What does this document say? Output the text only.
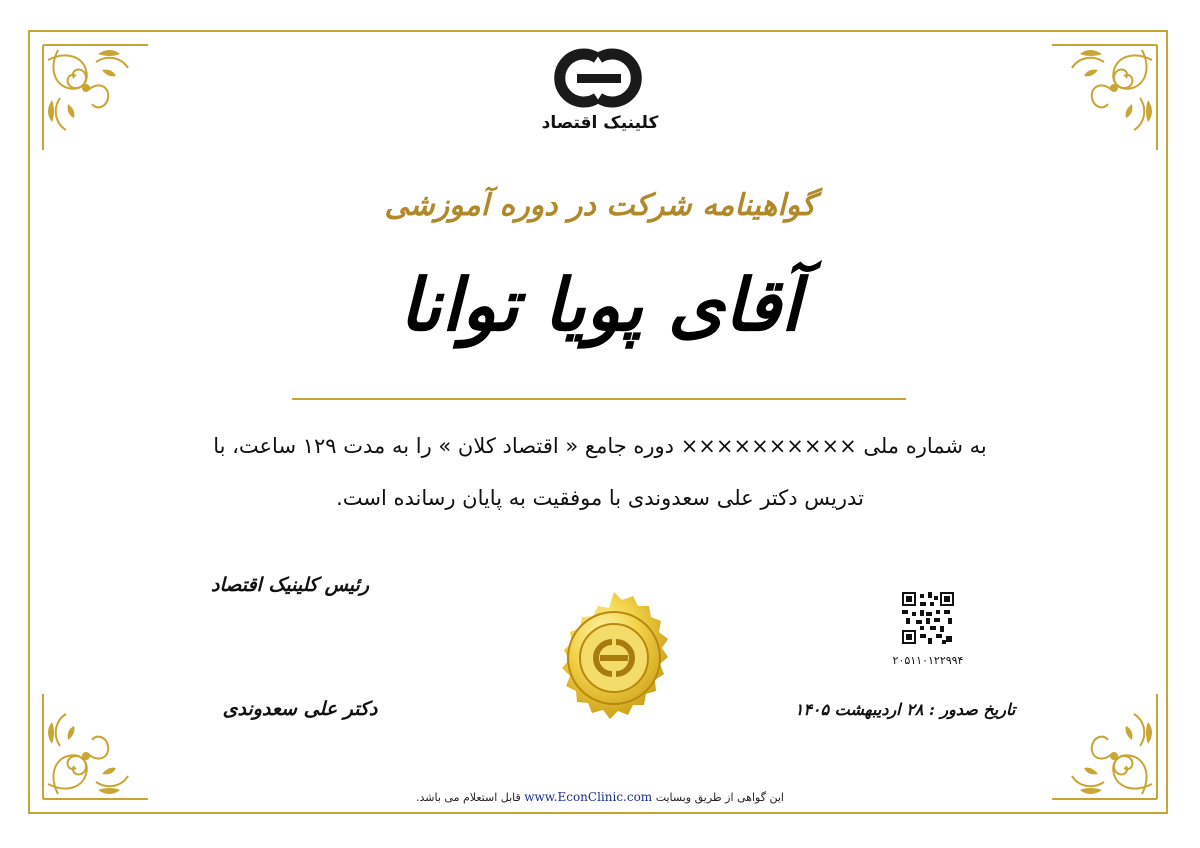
کلینیک اقتصاد
گواهینامه شرکت در دوره آموزشی
آقای پویا توانا
به شماره ملی ×××××××××× دوره جامع « اقتصاد کلان » را به مدت ۱۲۹ ساعت، با
تدریس دکتر علی سعدوندی با موفقیت به پایان رسانده است.
رئیس کلینیک اقتصاد
دکتر علی سعدوندی
۲۰۵۱۱۰۱۲۲۹۹۴
تاریخ صدور : ۲۸ اردیبهشت ۱۴۰۵
این گواهی از طریق وبسایت www.EconClinic.com قابل استعلام می باشد.
